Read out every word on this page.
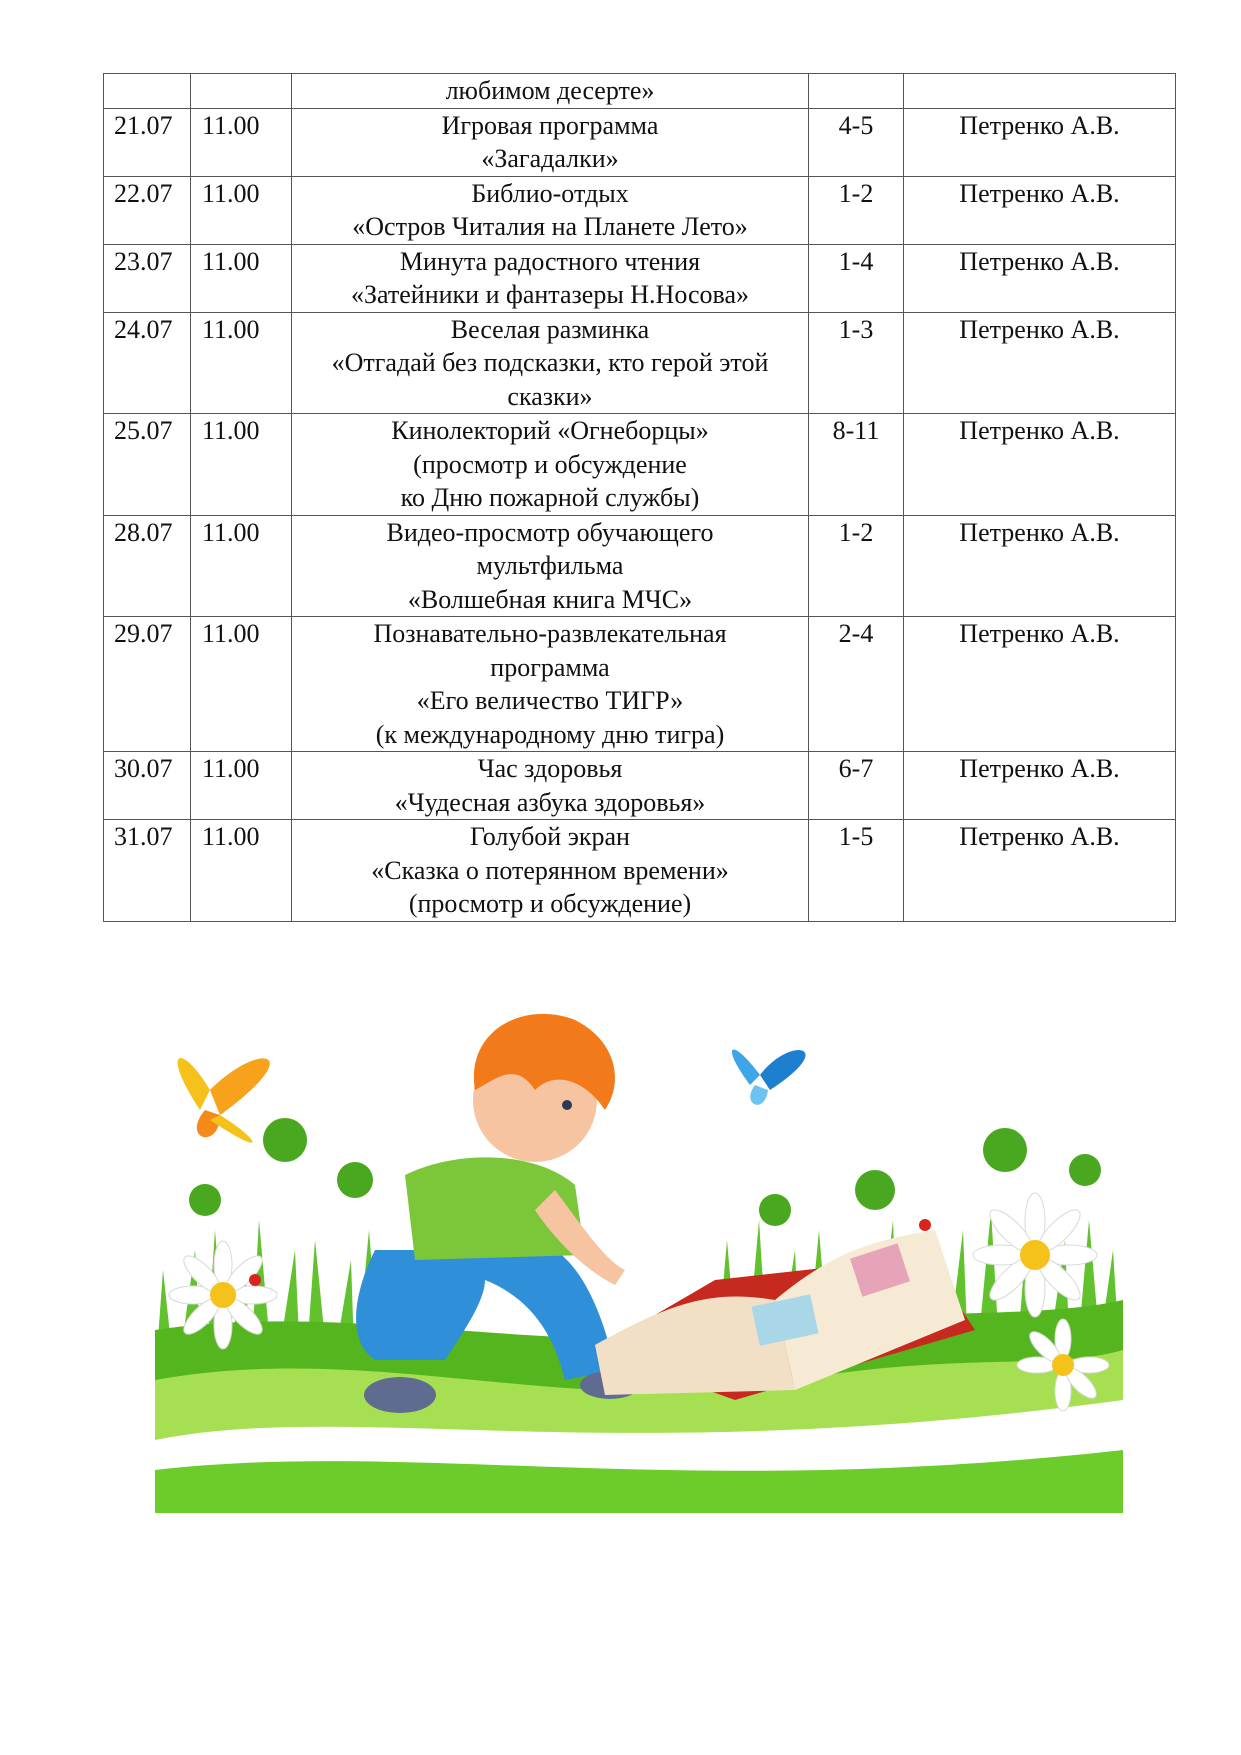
		любимом десерте»		

21.07	11.00	Игровая программа
«Загадалки»	4-5	Петренко А.В.
22.07	11.00	Библио-отдых
«Остров Читалия на Планете Лето»	1-2	Петренко А.В.
23.07	11.00	Минута радостного чтения
«Затейники и фантазеры Н.Носова»	1-4	Петренко А.В.
24.07	11.00	Веселая разминка
«Отгадай без подсказки, кто герой этой
сказки»	1-3	Петренко А.В.
25.07	11.00	Кинолекторий «Огнеборцы»
(просмотр и обсуждение
ко Дню пожарной службы)	8-11	Петренко А.В.
28.07	11.00	Видео-просмотр обучающего
мультфильма
«Волшебная книга МЧС»	1-2	Петренко А.В.
29.07	11.00	Познавательно-развлекательная
программа
«Его величество ТИГР»
(к международному дню тигра)	2-4	Петренко А.В.
30.07	11.00	Час здоровья
«Чудесная азбука здоровья»	6-7	Петренко А.В.
31.07	11.00	Голубой экран
«Сказка о потерянном времени»
(просмотр и обсуждение)	1-5	Петренко А.В.
